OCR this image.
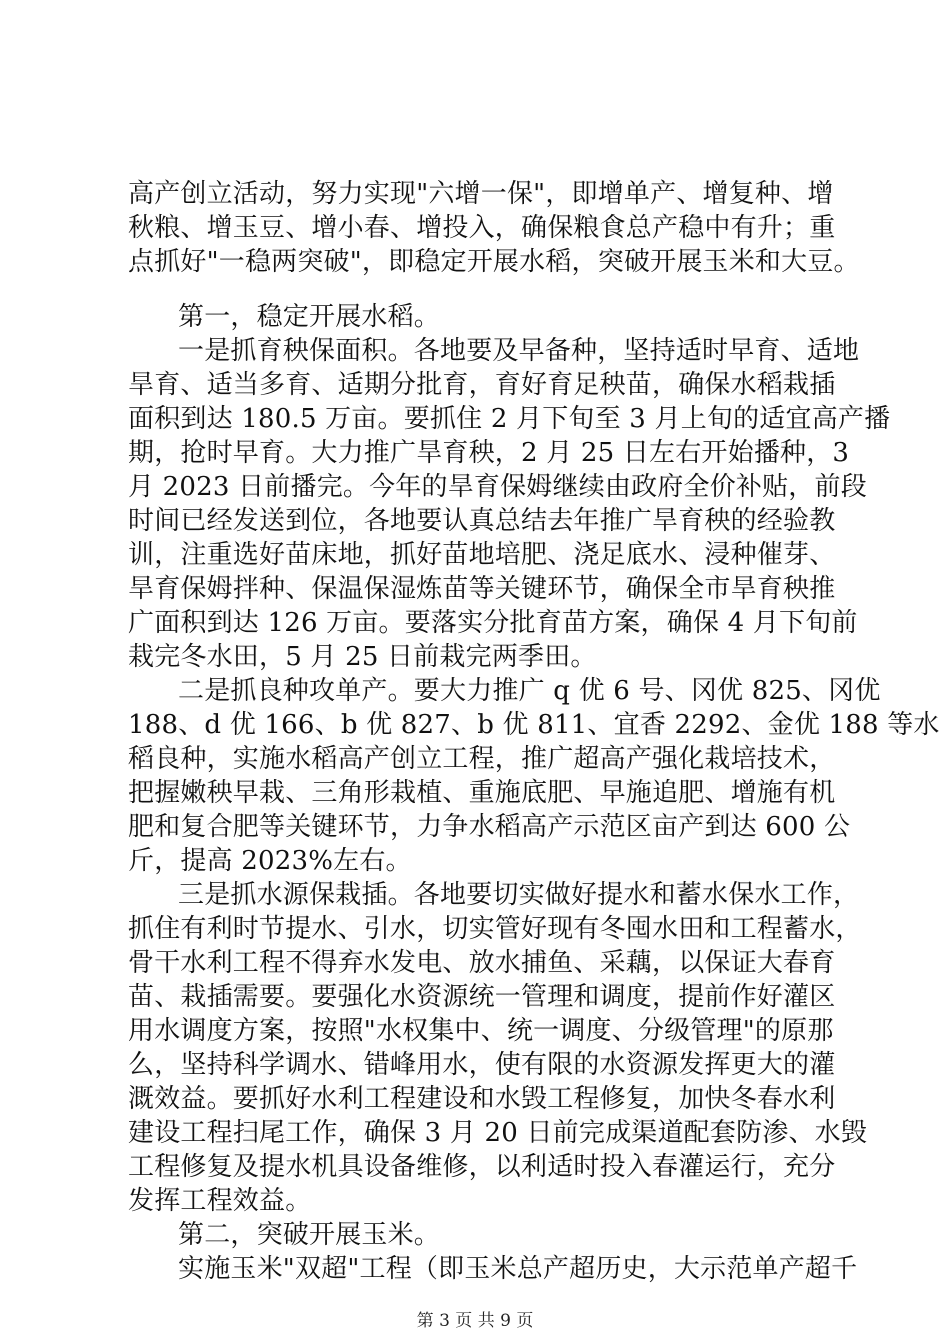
高产创立活动，努力实现"六增一保"，即增单产、增复种、增
秋粮、增玉豆、增小春、增投入，确保粮食总产稳中有升；重
点抓好"一稳两突破"，即稳定开展水稻，突破开展玉米和大豆。
第一，稳定开展水稻。
一是抓育秧保面积。各地要及早备种，坚持适时早育、适地
旱育、适当多育、适期分批育，育好育足秧苗，确保水稻栽插
面积到达 180.5 万亩。要抓住 2 月下旬至 3 月上旬的适宜高产播
期，抢时早育。大力推广旱育秧，2 月 25 日左右开始播种，3
月 2023 日前播完。今年的旱育保姆继续由政府全价补贴，前段
时间已经发送到位，各地要认真总结去年推广旱育秧的经验教
训，注重选好苗床地，抓好苗地培肥、浇足底水、浸种催芽、
旱育保姆拌种、保温保湿炼苗等关键环节，确保全市旱育秧推
广面积到达 126 万亩。要落实分批育苗方案，确保 4 月下旬前
栽完冬水田，5 月 25 日前栽完两季田。
二是抓良种攻单产。要大力推广 q 优 6 号、冈优 825、冈优
188、d 优 166、b 优 827、b 优 811、宜香 2292、金优 188 等水
稻良种，实施水稻高产创立工程，推广超高产强化栽培技术，
把握嫩秧早栽、三角形栽植、重施底肥、早施追肥、增施有机
肥和复合肥等关键环节，力争水稻高产示范区亩产到达 600 公
斤，提高 2023%左右。
三是抓水源保栽插。各地要切实做好提水和蓄水保水工作，
抓住有利时节提水、引水，切实管好现有冬囤水田和工程蓄水，
骨干水利工程不得弃水发电、放水捕鱼、采藕，以保证大春育
苗、栽插需要。要强化水资源统一管理和调度，提前作好灌区
用水调度方案，按照"水权集中、统一调度、分级管理"的原那
么，坚持科学调水、错峰用水，使有限的水资源发挥更大的灌
溉效益。要抓好水利工程建设和水毁工程修复，加快冬春水利
建设工程扫尾工作，确保 3 月 20 日前完成渠道配套防渗、水毁
工程修复及提水机具设备维修，以利适时投入春灌运行，充分
发挥工程效益。
第二，突破开展玉米。
实施玉米"双超"工程（即玉米总产超历史，大示范单产超千
第 3 页 共 9 页
